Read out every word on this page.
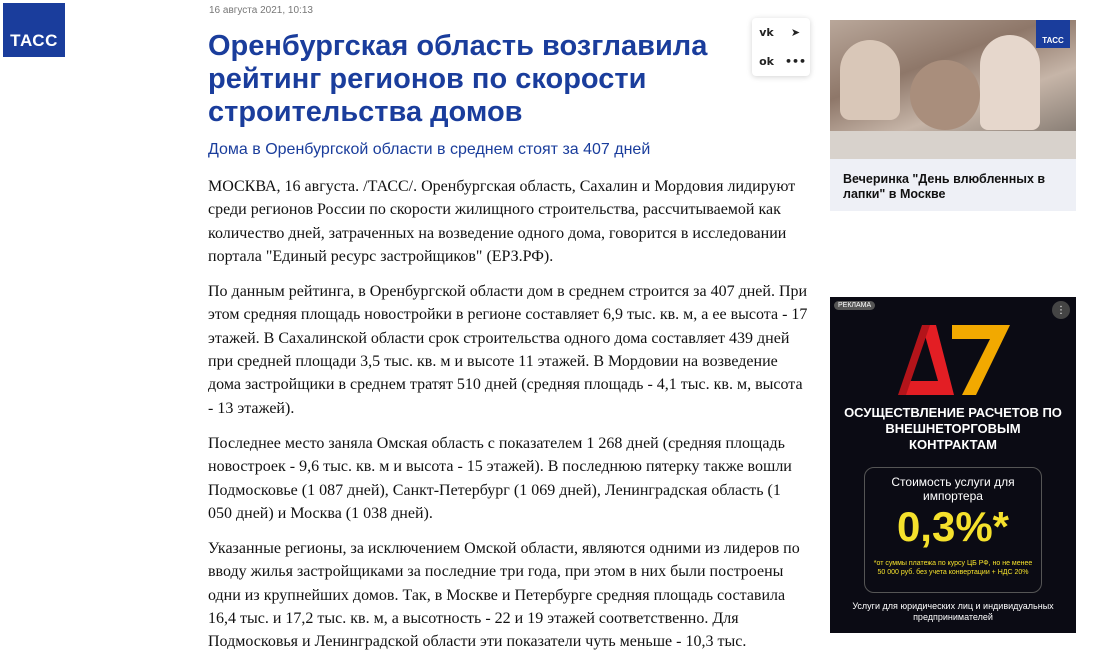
ТАСС
16 августа 2021, 10:13
Оренбургская область возглавила рейтинг регионов по скорости строительства домов
Дома в Оренбургской области в среднем стоят за 407 дней

МОСКВА, 16 августа. /ТАСС/. Оренбургская область, Сахалин и Мордовия лидируют среди регионов России по скорости жилищного строительства, рассчитываемой как количество дней, затраченных на возведение одного дома, говорится в исследовании портала "Единый ресурс застройщиков" (ЕРЗ.РФ).

По данным рейтинга, в Оренбургской области дом в среднем строится за 407 дней. При этом средняя площадь новостройки в регионе составляет 6,9 тыс. кв. м, а ее высота - 17 этажей. В Сахалинской области срок строительства одного дома составляет 439 дней при средней площади 3,5 тыс. кв. м и высоте 11 этажей. В Мордовии на возведение дома застройщики в среднем тратят 510 дней (средняя площадь - 4,1 тыс. кв. м, высота - 13 этажей).

Последнее место заняла Омская область с показателем 1 268 дней (средняя площадь новостроек - 9,6 тыс. кв. м и высота - 15 этажей). В последнюю пятерку также вошли Подмосковье (1 087 дней), Санкт-Петербург (1 069 дней), Ленинградская область (1 050 дней) и Москва (1 038 дней).

Указанные регионы, за исключением Омской области, являются одними из лидеров по вводу жилья застройщиками за последние три года, при этом в них были построены одни из крупнейших домов. Так, в Москве и Петербурге средняя площадь составила 16,4 тыс. и 17,2 тыс. кв. м, а высотность - 22 и 19 этажей соответственно. Для Подмосковья и Ленинградской области эти показатели чуть меньше - 10,3 тыс.

vk	➤
ok	•••
ТАСС
Вечеринка "День влюбленных в лапки" в Москве
РЕКЛАМА	⋮
ОСУЩЕСТВЛЕНИЕ РАСЧЕТОВ ПО ВНЕШНЕТОРГОВЫМ КОНТРАКТАМ
Стоимость услуги для импортера
0,3%*
*от суммы платежа по курсу ЦБ РФ, но не менее 50 000 руб. без учета конвертации + НДС 20%
Услуги для юридических лиц и индивидуальных предпринимателей
